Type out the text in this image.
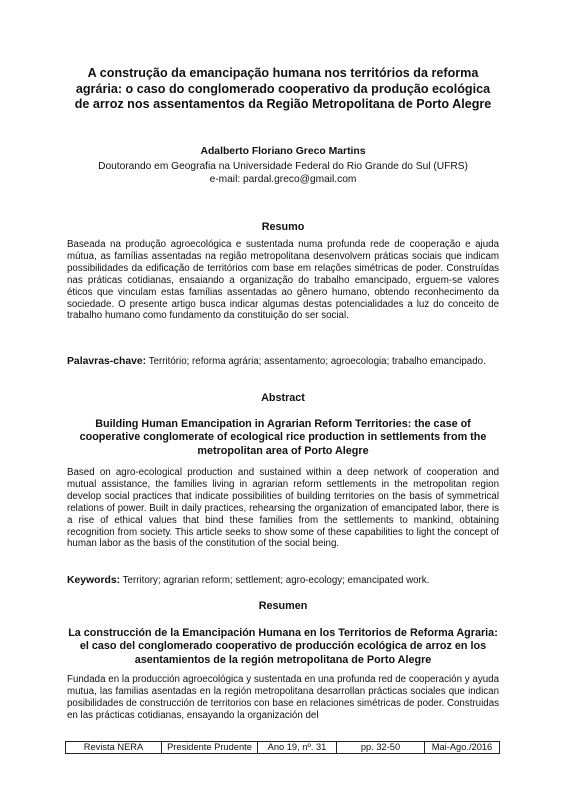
A construção da emancipação humana nos territórios da reforma agrária: o caso do conglomerado cooperativo da produção ecológica de arroz nos assentamentos da Região Metropolitana de Porto Alegre
Adalberto Floriano Greco Martins
Doutorando em Geografia na Universidade Federal do Rio Grande do Sul (UFRS)
e-mail: pardal.greco@gmail.com
Resumo

Baseada na produção agroecológica e sustentada numa profunda rede de cooperação e ajuda mútua, as famílias assentadas na região metropolitana desenvolvem práticas sociais que indicam possibilidades da edificação de territórios com base em relações simétricas de poder. Construídas nas práticas cotidianas, ensaiando a organização do trabalho emancipado, erguem-se valores éticos que vinculam estas famílias assentadas ao gênero humano, obtendo reconhecimento da sociedade. O presente artigo busca indicar algumas destas potencialidades a luz do conceito de trabalho humano como fundamento da constituição do ser social.

Palavras-chave: Território; reforma agrária; assentamento; agroecologia; trabalho emancipado.

Abstract
Building Human Emancipation in Agrarian Reform Territories: the case of cooperative conglomerate of ecological rice production in settlements from the metropolitan area of Porto Alegre

Based on agro-ecological production and sustained within a deep network of cooperation and mutual assistance, the families living in agrarian reform settlements in the metropolitan region develop social practices that indicate possibilities of building territories on the basis of symmetrical relations of power. Built in daily practices, rehearsing the organization of emancipated labor, there is a rise of ethical values that bind these families from the settlements to mankind, obtaining recognition from society. This article seeks to show some of these capabilities to light the concept of human labor as the basis of the constitution of the social being.

Keywords: Territory; agrarian reform; settlement; agro-ecology; emancipated work.

Resumen
La construcción de la Emancipación Humana en los Territorios de Reforma Agraria: el caso del conglomerado cooperativo de producción ecológica de arroz en los asentamientos de la región metropolitana de Porto Alegre

Fundada en la producción agroecológica y sustentada en una profunda red de cooperación y ayuda mutua, las familias asentadas en la región metropolitana desarrollan prácticas sociales que indican posibilidades de construcción de territorios con base en relaciones simétricas de poder. Construidas en las prácticas cotidianas, ensayando la organización del

Revista NERA	Presidente Prudente	Ano 19, nº. 31	pp. 32-50	Mai-Ago./2016
